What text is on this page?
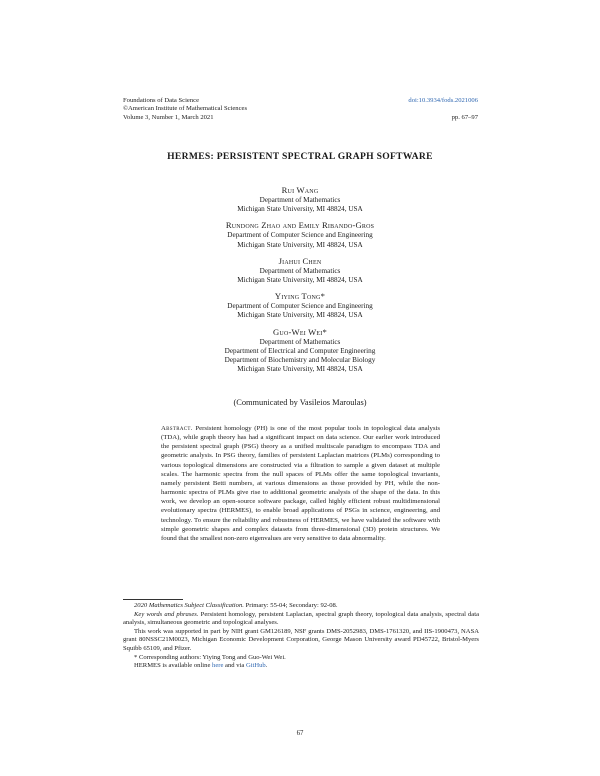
Foundations of Data Science	doi:10.3934/fods.2021006
©American Institute of Mathematical Sciences
Volume 3, Number 1, March 2021	pp. 67–97
HERMES: PERSISTENT SPECTRAL GRAPH SOFTWARE
Rui Wang
Department of Mathematics
Michigan State University, MI 48824, USA
Rundong Zhao and Emily Ribando-Gros
Department of Computer Science and Engineering
Michigan State University, MI 48824, USA
Jiahui Chen
Department of Mathematics
Michigan State University, MI 48824, USA
Yiying Tong*
Department of Computer Science and Engineering
Michigan State University, MI 48824, USA
Guo-Wei Wei*
Department of Mathematics
Department of Electrical and Computer Engineering
Department of Biochemistry and Molecular Biology
Michigan State University, MI 48824, USA
(Communicated by Vasileios Maroulas)

Abstract. Persistent homology (PH) is one of the most popular tools in topological data analysis (TDA), while graph theory has had a significant impact on data science. Our earlier work introduced the persistent spectral graph (PSG) theory as a unified multiscale paradigm to encompass TDA and geometric analysis. In PSG theory, families of persistent Laplacian matrices (PLMs) corresponding to various topological dimensions are constructed via a filtration to sample a given dataset at multiple scales. The harmonic spectra from the null spaces of PLMs offer the same topological invariants, namely persistent Betti numbers, at various dimensions as those provided by PH, while the non-harmonic spectra of PLMs give rise to additional geometric analysis of the shape of the data. In this work, we develop an open-source software package, called highly efficient robust multidimensional evolutionary spectra (HERMES), to enable broad applications of PSGs in science, engineering, and technology. To ensure the reliability and robustness of HERMES, we have validated the software with simple geometric shapes and complex datasets from three-dimensional (3D) protein structures. We found that the smallest non-zero eigenvalues are very sensitive to data abnormality.

2020 Mathematics Subject Classification. Primary: 55-04; Secondary: 92-08.

Key words and phrases. Persistent homology, persistent Laplacian, spectral graph theory, topological data analysis, spectral data analysis, simultaneous geometric and topological analyses.

This work was supported in part by NIH grant GM126189, NSF grants DMS-2052983, DMS-1761320, and IIS-1900473, NASA grant 80NSSC21M0023, Michigan Economic Development Corporation, George Mason University award PD45722, Bristol-Myers Squibb 65109, and Pfizer.

* Corresponding authors: Yiying Tong and Guo-Wei Wei.

HERMES is available online here and via GitHub.

67
